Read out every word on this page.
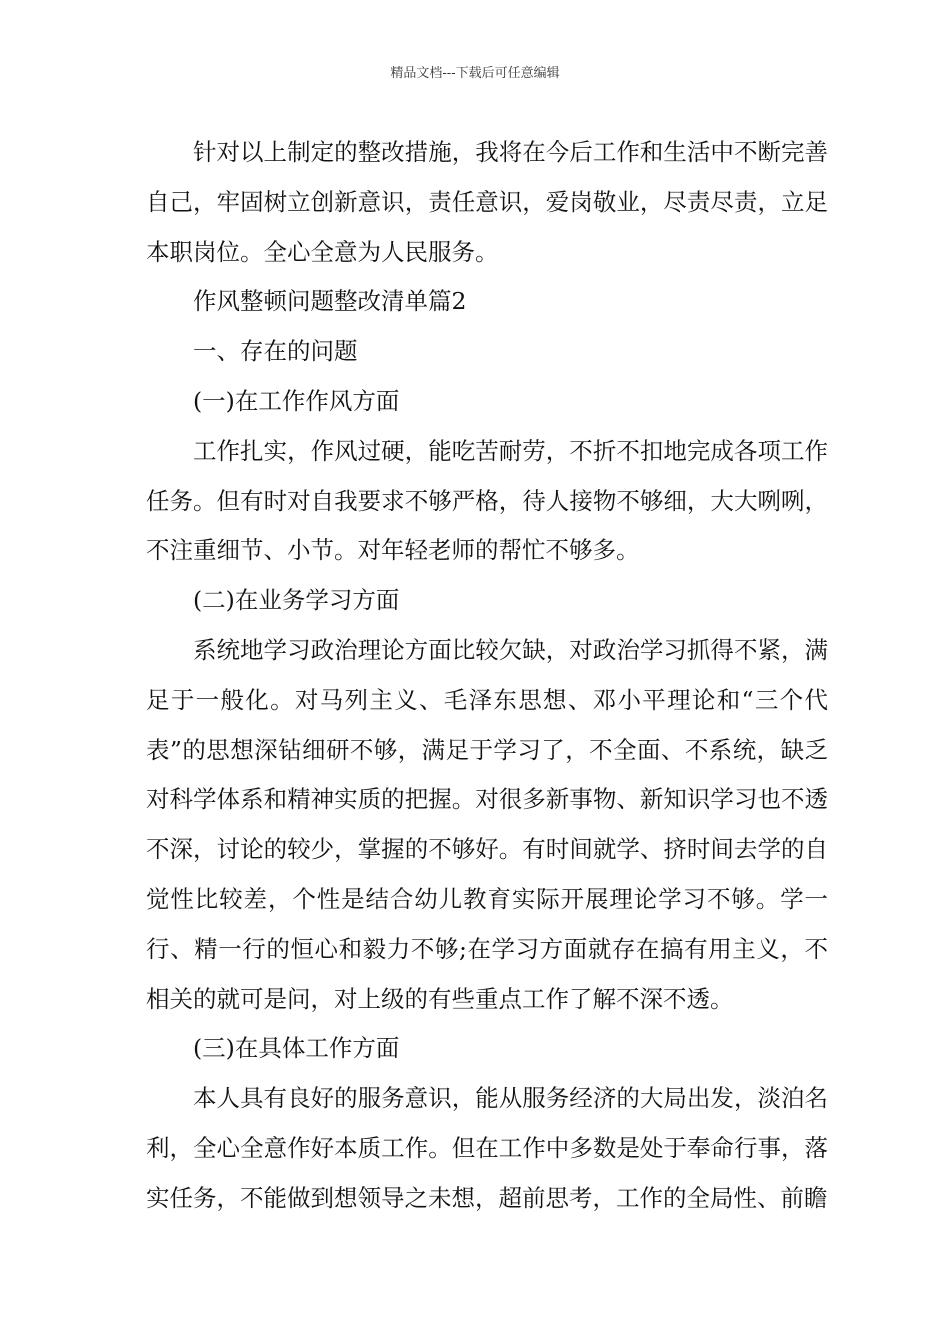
精品文档---下载后可任意编辑

针对以上制定的整改措施，我将在今后工作和生活中不断完善自己，牢固树立创新意识，责任意识，爱岗敬业，尽责尽责，立足本职岗位。全心全意为人民服务。

作风整顿问题整改清单篇2

一、存在的问题

(一)在工作作风方面

工作扎实，作风过硬，能吃苦耐劳，不折不扣地完成各项工作任务。但有时对自我要求不够严格，待人接物不够细，大大咧咧，不注重细节、小节。对年轻老师的帮忙不够多。

(二)在业务学习方面

系统地学习政治理论方面比较欠缺，对政治学习抓得不紧，满足于一般化。对马列主义、毛泽东思想、邓小平理论和“三个代表”的思想深钻细研不够，满足于学习了，不全面、不系统，缺乏对科学体系和精神实质的把握。对很多新事物、新知识学习也不透不深，讨论的较少，掌握的不够好。有时间就学、挤时间去学的自觉性比较差，个性是结合幼儿教育实际开展理论学习不够。学一行、精一行的恒心和毅力不够;在学习方面就存在搞有用主义，不相关的就可是问，对上级的有些重点工作了解不深不透。

(三)在具体工作方面

本人具有良好的服务意识，能从服务经济的大局出发，淡泊名利，全心全意作好本质工作。但在工作中多数是处于奉命行事，落实任务，不能做到想领导之未想，超前思考，工作的全局性、前瞻
